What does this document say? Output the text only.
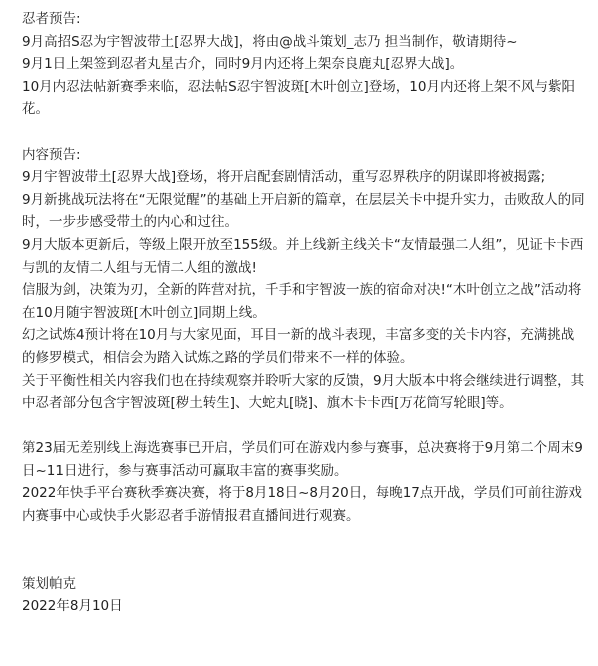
忍者预告:

9月高招S忍为宇智波带土[忍界大战]，将由@战斗策划_志乃 担当制作，敬请期待~

9月1日上架签到忍者丸星古介，同时9月内还将上架奈良鹿丸[忍界大战]。

10月内忍法帖新赛季来临，忍法帖S忍宇智波斑[木叶创立]登场，10月内还将上架不风与紫阳花。

内容预告:

9月宇智波带土[忍界大战]登场，将开启配套剧情活动，重写忍界秩序的阴谋即将被揭露;

9月新挑战玩法将在“无限觉醒”的基础上开启新的篇章，在层层关卡中提升实力，击败敌人的同时，一步步感受带土的内心和过往。

9月大版本更新后，等级上限开放至155级。并上线新主线关卡“友情最强二人组”，见证卡卡西与凯的友情二人组与无情二人组的激战!

信服为剑，决策为刃，全新的阵营对抗，千手和宇智波一族的宿命对决!“木叶创立之战”活动将在10月随宇智波斑[木叶创立]同期上线。

幻之试炼4预计将在10月与大家见面，耳目一新的战斗表现，丰富多变的关卡内容，充满挑战的修罗模式，相信会为踏入试炼之路的学员们带来不一样的体验。

关于平衡性相关内容我们也在持续观察并聆听大家的反馈，9月大版本中将会继续进行调整，其中忍者部分包含宇智波斑[秽土转生]、大蛇丸[晓]、旗木卡卡西[万花筒写轮眼]等。

第23届无差别线上海选赛事已开启，学员们可在游戏内参与赛事，总决赛将于9月第二个周末9日~11日进行，参与赛事活动可赢取丰富的赛事奖励。

2022年快手平台赛秋季赛决赛，将于8月18日~8月20日，每晚17点开战，学员们可前往游戏内赛事中心或快手火影忍者手游情报君直播间进行观赛。

策划帕克

2022年8月10日
